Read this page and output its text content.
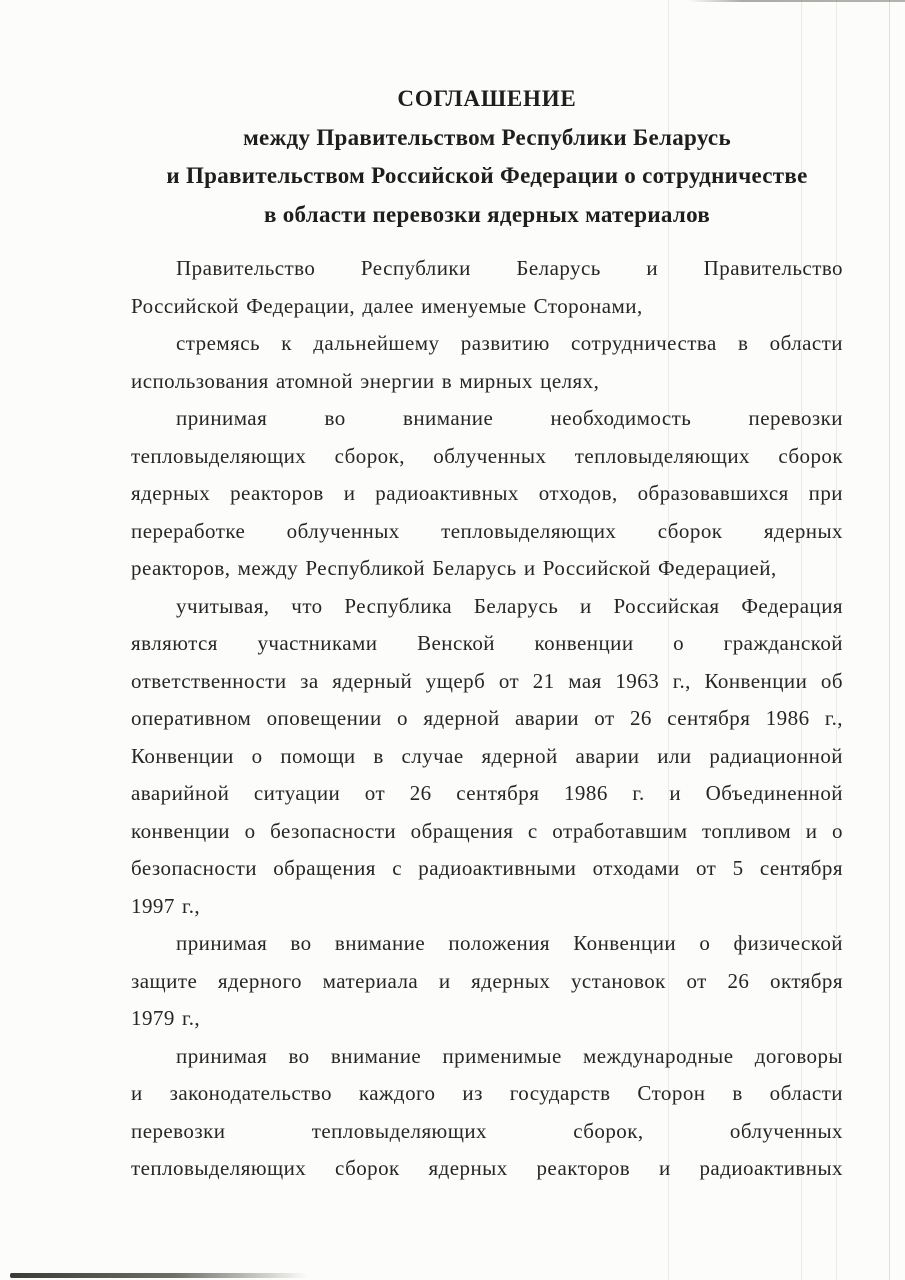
СОГЛАШЕНИЕ
между Правительством Республики Беларусь
и Правительством Российской Федерации о сотрудничестве
в области перевозки ядерных материалов
Правительство Республики Беларусь и Правительство
Российской Федерации, далее именуемые Сторонами,
стремясь к дальнейшему развитию сотрудничества в области
использования атомной энергии в мирных целях,
принимая во внимание необходимость перевозки
тепловыделяющих сборок, облученных тепловыделяющих сборок
ядерных реакторов и радиоактивных отходов, образовавшихся при
переработке облученных тепловыделяющих сборок ядерных
реакторов, между Республикой Беларусь и Российской Федерацией,
учитывая, что Республика Беларусь и Российская Федерация
являются участниками Венской конвенции о гражданской
ответственности за ядерный ущерб от 21 мая 1963 г., Конвенции об
оперативном оповещении о ядерной аварии от 26 сентября 1986 г.,
Конвенции о помощи в случае ядерной аварии или радиационной
аварийной ситуации от 26 сентября 1986 г. и Объединенной
конвенции о безопасности обращения с отработавшим топливом и о
безопасности обращения с радиоактивными отходами от 5 сентября
1997 г.,
принимая во внимание положения Конвенции о физической
защите ядерного материала и ядерных установок от 26 октября
1979 г.,
принимая во внимание применимые международные договоры
и законодательство каждого из государств Сторон в области
перевозки тепловыделяющих сборок, облученных
тепловыделяющих сборок ядерных реакторов и радиоактивных
